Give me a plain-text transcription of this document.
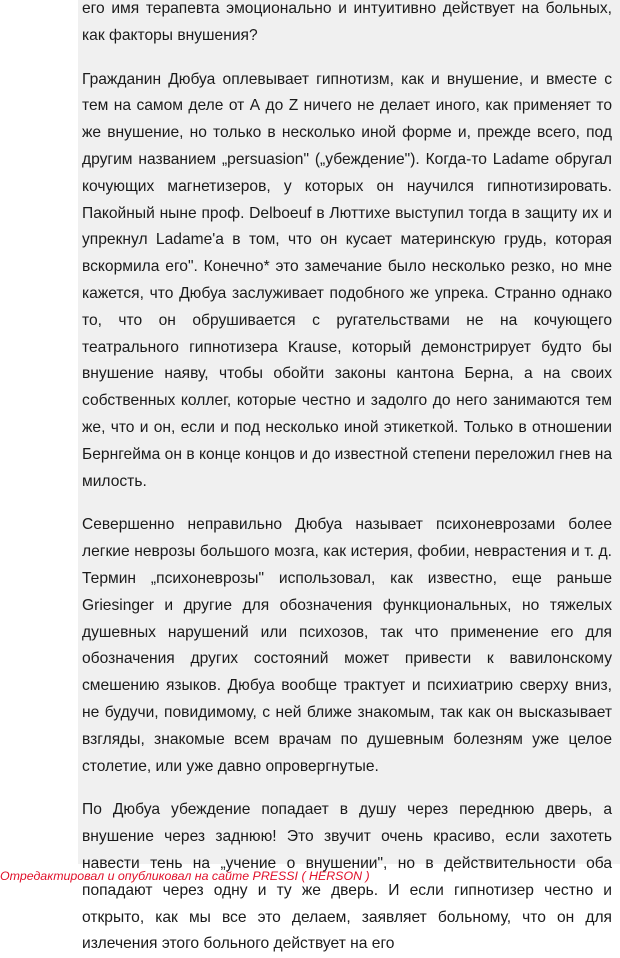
его имя терапевта эмоционально и интуитивно действует на больных, как факторы внушения?

Гражданин Дюбуа оплевывает гипнотизм, как и внушение, и вместе с тем на самом деле от А до Z ничего не делает иного, как применяет то же внушение, но только в несколько иной форме и, прежде всего, под другим названием „persuasion" („убеждение"). Когда-то Ladame обругал кочующих магнетизеров, у которых он научился гипнотизировать. Пакойный ныне проф. Delboeuf в Люттихе выступил тогда в защиту их и упрекнул Ladame'a в том, что он кусает материнскую грудь, которая вскормила его". Конечно* это замечание было несколько резко, но мне кажется, что Дюбуа заслуживает подобного же упрека. Странно однако то, что он обрушивается с ругательствами не на кочующего театрального гипнотизера Krause, который демонстрирует будто бы внушение наяву, чтобы обойти законы кантона Берна, а на своих собственных коллег, которые честно и задолго до него занимаются тем же, что и он, если и под несколько иной этикеткой. Только в отношении Бернгейма он в конце концов и до известной степени переложил гнев на милость.

Севершенно неправильно Дюбуа называет психоневрозами более легкие неврозы большого мозга, как истерия, фобии, неврастения и т. д. Термин „психоневрозы" использовал, как известно, еще раньше Griesinger и другие для обозначения функциональных, но тяжелых душевных нарушений или психозов, так что применение его для обозначения других состояний может привести к вавилонскому смешению языков. Дюбуа вообще трактует и психиатрию сверху вниз, не будучи, повидимому, с ней ближе знакомым, так как он высказывает взгляды, знакомые всем врачам по душевным болезням уже целое столетие, или уже давно опровергнутые.

По Дюбуа убеждение попадает в душу через переднюю дверь, а внушение через заднюю! Это звучит очень красиво, если захотеть навести тень на „учение о внушении", но в действительности оба попадают через одну и ту же дверь. И если гипнотизер честно и открыто, как мы все это делаем, заявляет больному, что он для излечения этого больного действует на его

Отредактировал и опубликовал на сайте PRESSI ( HERSON )
